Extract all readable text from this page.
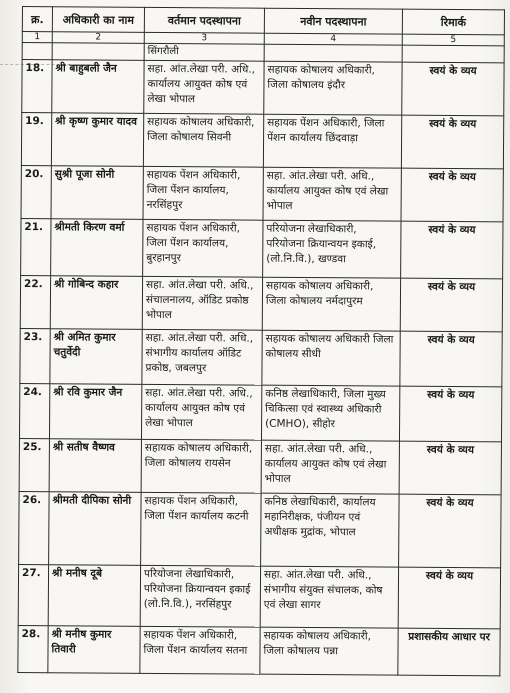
क्र.	अधिकारी का नाम	वर्तमान पदस्थापना	नवीन पदस्थापना	रिमार्क
1	2	3	4	5
		सिंगरौली		
18.	श्री बाहुबली जैन	सहा. आंत.लेखा परी. अधि., कार्यालय आयुक्त कोष एवं लेखा भोपाल	सहायक कोषालय अधिकारी, जिला कोषालय इंदौर	स्वयं के व्यय
19.	श्री कृष्ण कुमार यादव	सहायक कोषालय अधिकारी, जिला कोषालय सिवनी	सहायक पेंशन अधिकारी, जिला पेंशन कार्यालय छिंदवाड़ा	स्वयं के व्यय
20.	सुश्री पूजा सोनी	सहायक पेंशन अधिकारी, जिला पेंशन कार्यालय, नरसिंहपुर	सहा. आंत.लेखा परी. अधि., कार्यालय आयुक्त कोष एवं लेखा भोपाल	स्वयं के व्यय
21.	श्रीमती किरण वर्मा	सहायक पेंशन अधिकारी, जिला पेंशन कार्यालय, बुरहानपुर	परियोजना लेखाधिकारी, परियोजना क्रियान्वयन इकाई, (लो.नि.वि.), खण्डवा	स्वयं के व्यय
22.	श्री गोबिन्द कहार	सहा. आंत.लेखा परी. अधि., संचालनालय, ऑडिट प्रकोष्ठ भोपाल	सहायक कोषालय अधिकारी, जिला कोषालय नर्मदापुरम	स्वयं के व्यय
23.	श्री अमित कुमार चतुर्वेदी	सहा. आंत.लेखा परी. अधि., संभागीय कार्यालय ऑडिट प्रकोष्ठ, जबलपुर	सहायक कोषालय अधिकारी जिला कोषालय सीधी	स्वयं के व्यय
24.	श्री रवि कुमार जैन	सहा. आंत.लेखा परी. अधि., कार्यालय आयुक्त कोष एवं लेखा भोपाल	कनिष्ठ लेखाधिकारी, जिला मुख्य चिकित्सा एवं स्वास्थ्य अधिकारी (CMHO), सीहोर	स्वयं के व्यय
25.	श्री सतीष वैष्णव	सहायक कोषालय अधिकारी, जिला कोषालय रायसेन	सहा. आंत.लेखा परी. अधि., कार्यालय आयुक्त कोष एवं लेखा भोपाल	स्वयं के व्यय
26.	श्रीमती दीपिका सोनी	सहायक पेंशन अधिकारी, जिला पेंशन कार्यालय कटनी	कनिष्ठ लेखाधिकारी, कार्यालय महानिरीक्षक, पंजीयन एवं अधीक्षक मुद्रांक, भोपाल	स्वयं के व्यय
27.	श्री मनीष दूबे	परियोजना लेखाधिकारी, परियोजना क्रियान्वयन इकाई (लो.नि.वि.), नरसिंहपुर	सहा. आंत.लेखा परी. अधि., संभागीय संयुक्त संचालक, कोष एवं लेखा सागर	स्वयं के व्यय
28.	श्री मनीष कुमार तिवारी	सहायक पेंशन अधिकारी, जिला पेंशन कार्यालय सतना	सहायक कोषालय अधिकारी, जिला कोषालय पन्ना	प्रशासकीय आधार पर
